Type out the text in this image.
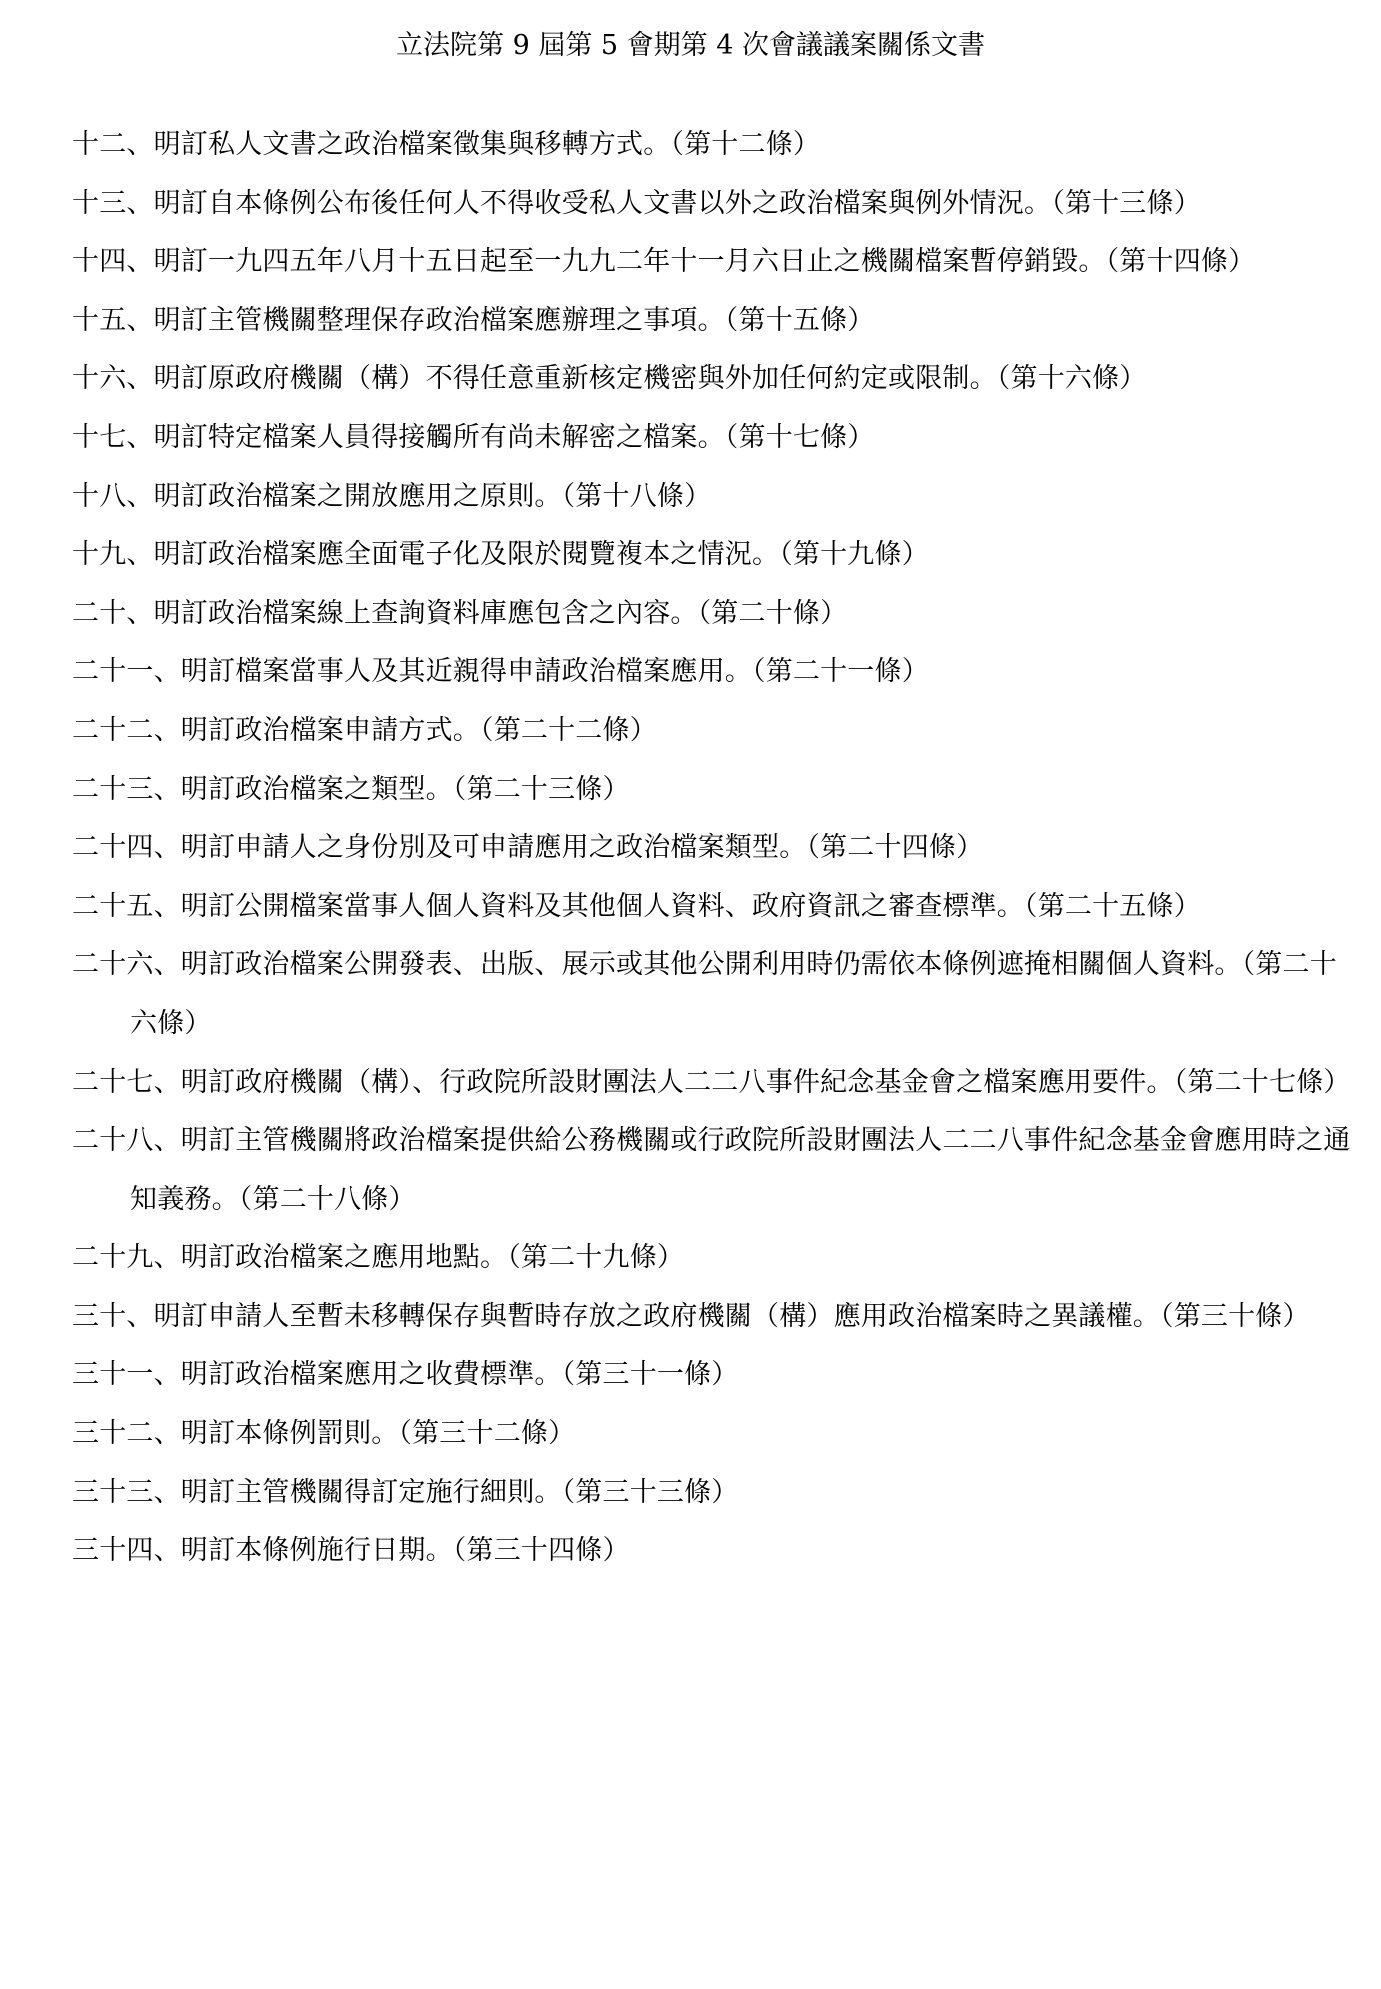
立法院第 9 屆第 5 會期第 4 次會議議案關係文書
十二、明訂私人文書之政治檔案徵集與移轉方式。（第十二條）
十三、明訂自本條例公布後任何人不得收受私人文書以外之政治檔案與例外情況。（第十三條）
十四、明訂一九四五年八月十五日起至一九九二年十一月六日止之機關檔案暫停銷毀。（第十四條）
十五、明訂主管機關整理保存政治檔案應辦理之事項。（第十五條）
十六、明訂原政府機關（構）不得任意重新核定機密與外加任何約定或限制。（第十六條）
十七、明訂特定檔案人員得接觸所有尚未解密之檔案。（第十七條）
十八、明訂政治檔案之開放應用之原則。（第十八條）
十九、明訂政治檔案應全面電子化及限於閱覽複本之情況。（第十九條）
二十、明訂政治檔案線上查詢資料庫應包含之內容。（第二十條）
二十一、明訂檔案當事人及其近親得申請政治檔案應用。（第二十一條）
二十二、明訂政治檔案申請方式。（第二十二條）
二十三、明訂政治檔案之類型。（第二十三條）
二十四、明訂申請人之身份別及可申請應用之政治檔案類型。（第二十四條）
二十五、明訂公開檔案當事人個人資料及其他個人資料、政府資訊之審查標準。（第二十五條）
二十六、明訂政治檔案公開發表、出版、展示或其他公開利用時仍需依本條例遮掩相關個人資料。（第二十六條）
二十七、明訂政府機關（構）、行政院所設財團法人二二八事件紀念基金會之檔案應用要件。（第二十七條）
二十八、明訂主管機關將政治檔案提供給公務機關或行政院所設財團法人二二八事件紀念基金會應用時之通知義務。（第二十八條）
二十九、明訂政治檔案之應用地點。（第二十九條）
三十、明訂申請人至暫未移轉保存與暫時存放之政府機關（構）應用政治檔案時之異議權。（第三十條）
三十一、明訂政治檔案應用之收費標準。（第三十一條）
三十二、明訂本條例罰則。（第三十二條）
三十三、明訂主管機關得訂定施行細則。（第三十三條）
三十四、明訂本條例施行日期。（第三十四條）
